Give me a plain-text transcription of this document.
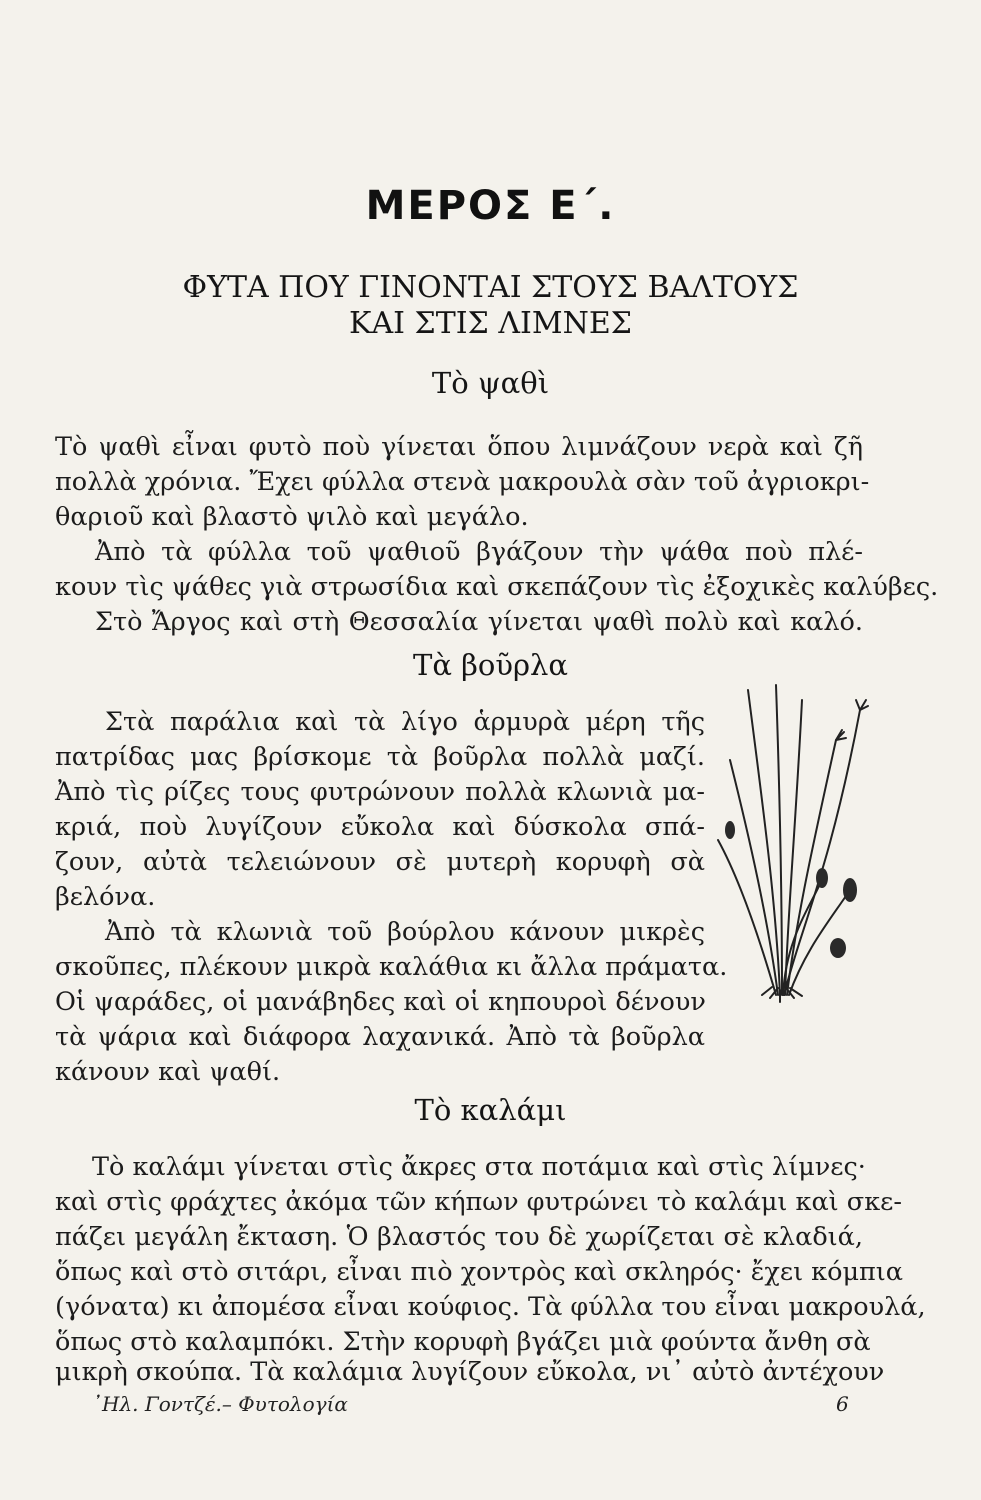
ΜΕΡΟΣ Ε΄.
ΦΥΤΑ ΠΟΥ ΓΙΝΟΝΤΑΙ ΣΤΟΥΣ ΒΑΛΤΟΥΣ
ΚΑΙ ΣΤΙΣ ΛΙΜΝΕΣ
Τὸ ψαθὶ
Τὸ ψαθὶ εἶναι φυτὸ ποὺ γίνεται ὅπου λιμνάζουν νερὰ καὶ ζῆ
πολλὰ χρόνια. Ἔχει φύλλα στενὰ μακρουλὰ σὰν τοῦ ἀγριοκρι-
θαριοῦ καὶ βλαστὸ ψιλὸ καὶ μεγάλο.
Ἀπὸ τὰ φύλλα τοῦ ψαθιοῦ βγάζουν τὴν ψάθα ποὺ πλέ-
κουν τὶς ψάθες γιὰ στρωσίδια καὶ σκεπάζουν τὶς ἐξοχικὲς καλύβες.
Στὸ Ἄργος καὶ στὴ Θεσσαλία γίνεται ψαθὶ πολὺ καὶ καλό.
Τὰ βοῦρλα
Στὰ παράλια καὶ τὰ λίγο ἁρμυρὰ μέρη τῆς
πατρίδας μας βρίσκομε τὰ βοῦρλα πολλὰ μαζί.
Ἀπὸ τὶς ρίζες τους φυτρώνουν πολλὰ κλωνιὰ μα-
κριά, ποὺ λυγίζουν εὔκολα καὶ δύσκολα σπά-
ζουν, αὐτὰ τελειώνουν σὲ μυτερὴ κορυφὴ σὰ
βελόνα.
Ἀπὸ τὰ κλωνιὰ τοῦ βούρλου κάνουν μικρὲς
σκοῦπες, πλέκουν μικρὰ καλάθια κι ἄλλα πράματα.
Οἱ ψαράδες, οἱ μανάβηδες καὶ οἱ κηπουροὶ δένουν
τὰ ψάρια καὶ διάφορα λαχανικά. Ἀπὸ τὰ βοῦρλα
κάνουν καὶ ψαθί.
Τὸ καλάμι
Τὸ καλάμι γίνεται στὶς ἄκρες στα ποτάμια καὶ στὶς λίμνες·
καὶ στὶς φράχτες ἀκόμα τῶν κήπων φυτρώνει τὸ καλάμι καὶ σκε-
πάζει μεγάλη ἔκταση. Ὁ βλαστός του δὲ χωρίζεται σὲ κλαδιά,
ὅπως καὶ στὸ σιτάρι, εἶναι πιὸ χοντρὸς καὶ σκληρός· ἔχει κόμπια
(γόνατα) κι ἀπομέσα εἶναι κούφιος. Τὰ φύλλα του εἶναι μακρουλά,
ὅπως στὸ καλαμπόκι. Στὴν κορυφὴ βγάζει μιὰ φούντα ἄνθη σὰ
μικρὴ σκούπα. Τὰ καλάμια λυγίζουν εὔκολα, νι᾽ αὐτὸ ἀντέχουν
᾿Ηλ. Γοντζέ.– Φυτολογία	6
